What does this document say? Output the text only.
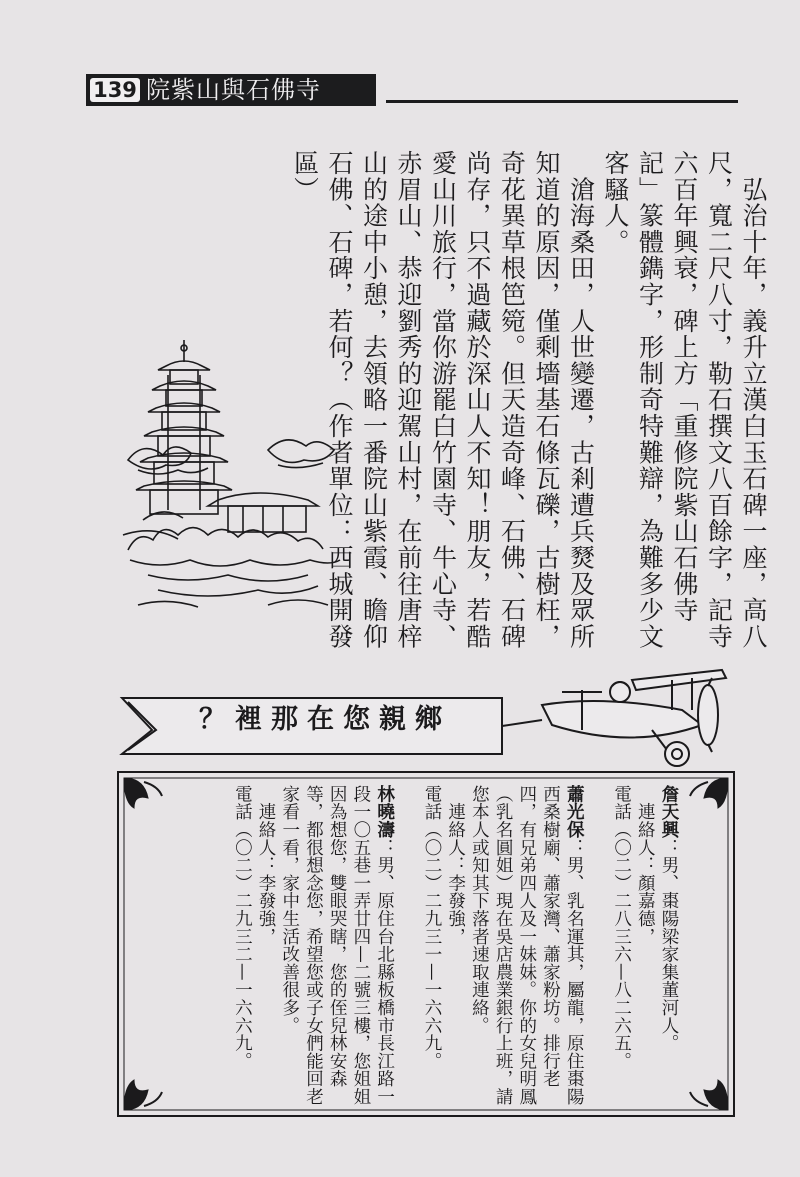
139 院紫山與石佛寺
　弘治十年，義升立漢白玉石碑一座，高八尺，寬二尺八寸，勒石撰文八百餘字，記寺六百年興衰，碑上方「重修院紫山石佛寺記」篆體鐫字，形制奇特難辯，為難多少文客騷人。
　滄海桑田，人世變遷，古剎遭兵燹及眾所知道的原因，僅剩墻基石條瓦礫，古樹枉，奇花異草根笆箢。但天造奇峰、石佛、石碑尚存，只不過藏於深山人不知！朋友，若酷愛山川旅行，當你游罷白竹園寺、牛心寺、赤眉山、恭迎劉秀的迎駕山村，在前往唐梓山的途中小憩，去領略一番院山紫霞、瞻仰石佛、石碑，若何？（作者單位：西城開發區）
？裡那在您親鄉
詹天興：男、棗陽梁家集董河人。
　連絡人：顏嘉德，
電話（〇二）二八三六—八二六五。
蕭光保：男、乳名運其，屬龍，原住棗陽西桑樹廟、蕭家灣、蕭家粉坊。排行老四，有兄弟四人及一妹妹。你的女兒明鳳（乳名圓姐）現在吳店農業銀行上班，請您本人或知其下落者速取連絡。
　連絡人：李發強，
電話（〇二）二九三一—一六六九。
林曉濤：男、原住台北縣板橋市長江路一段一〇五巷一弄廿四—二號三樓，您姐姐因為想您，雙眼哭瞎，您的侄兒林安森等，都很想念您，希望您或子女們能回老家看一看，家中生活改善很多。
　連絡人：李發強，
電話（〇二）二九三二—一六六九。
